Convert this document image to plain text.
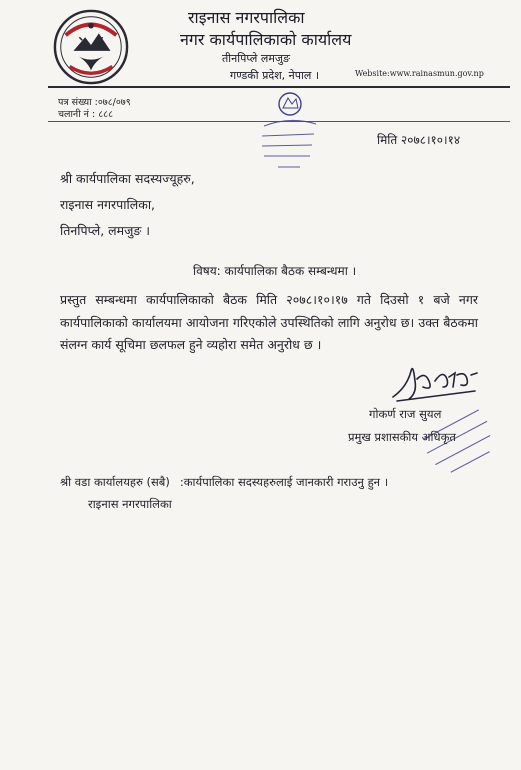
राइनास नगरपालिका
नगर कार्यपालिकाको कार्यालय
तीनपिप्ले लमजुङ
गण्डकी प्रदेश, नेपाल ।	Website:www.rainasmun.gov.np
पत्र संख्या :०७८/०७९
चलानी नं : ८८८
मिति २०७८।१०।१४
श्री कार्यपालिका सदस्यज्यूहरु,
राइनास नगरपालिका,
तिनपिप्ले, लमजुङ ।
विषय: कार्यपालिका बैठक सम्बन्धमा ।
प्रस्तुत सम्बन्धमा कार्यपालिकाको बैठक मिति २०७८।१०।१७ गते दिउसो १ बजे नगर कार्यपालिकाको कार्यालयमा आयोजना गरिएकोले उपस्थितिको लागि अनुरोध छ। उक्त बैठकमा संलग्न कार्य सूचिमा छलफल हुने व्यहोरा समेत अनुरोध छ ।
गोकर्ण राज सुयल
प्रमुख प्रशासकीय अधिकृत
श्री वडा कार्यालयहरु (सबै) :कार्यपालिका सदस्यहरुलाई जानकारी गराउनु हुन ।
राइनास नगरपालिका
